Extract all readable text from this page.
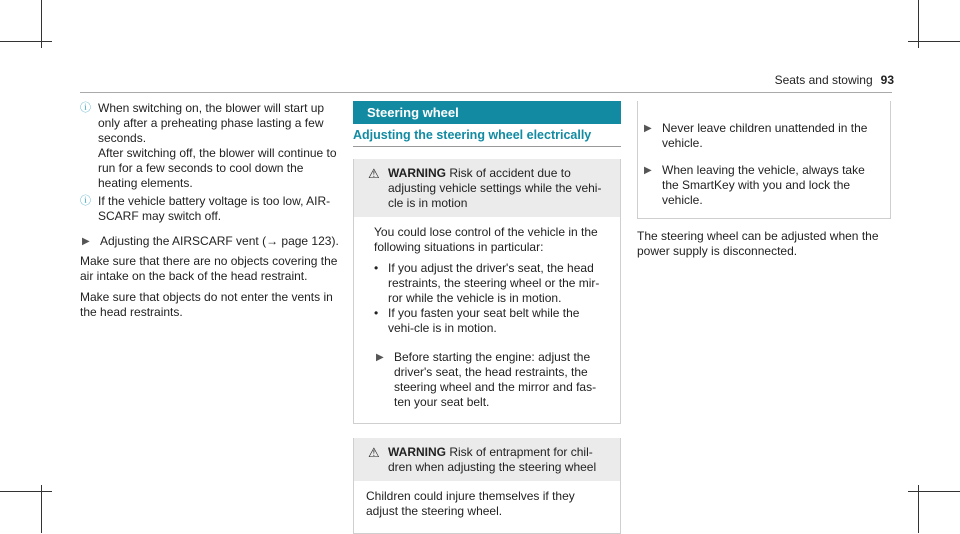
Seats and stowing 93
ⓘ When switching on, the blower will start up only after a preheating phase lasting a few seconds.
After switching off, the blower will continue to run for a few seconds to cool down the heating elements.
ⓘ If the vehicle battery voltage is too low, AIR-SCARF may switch off.
▶ Adjusting the AIRSCARF vent (→ page 123).

Make sure that there are no objects covering the air intake on the back of the head restraint.

Make sure that objects do not enter the vents in the head restraints.

Steering wheel
Adjusting the steering wheel electrically
⚠ WARNING Risk of accident due to adjusting vehicle settings while the vehi-cle is in motion

You could lose control of the vehicle in the following situations in particular:

• If you adjust the driver's seat, the head restraints, the steering wheel or the mir-ror while the vehicle is in motion.
• If you fasten your seat belt while the vehi-cle is in motion.
▶ Before starting the engine: adjust the driver's seat, the head restraints, the steering wheel and the mirror and fas-ten your seat belt.
⚠ WARNING Risk of entrapment for chil-dren when adjusting the steering wheel

Children could injure themselves if they adjust the steering wheel.

▶ Never leave children unattended in the vehicle.
▶ When leaving the vehicle, always take the SmartKey with you and lock the vehicle.

The steering wheel can be adjusted when the power supply is disconnected.
